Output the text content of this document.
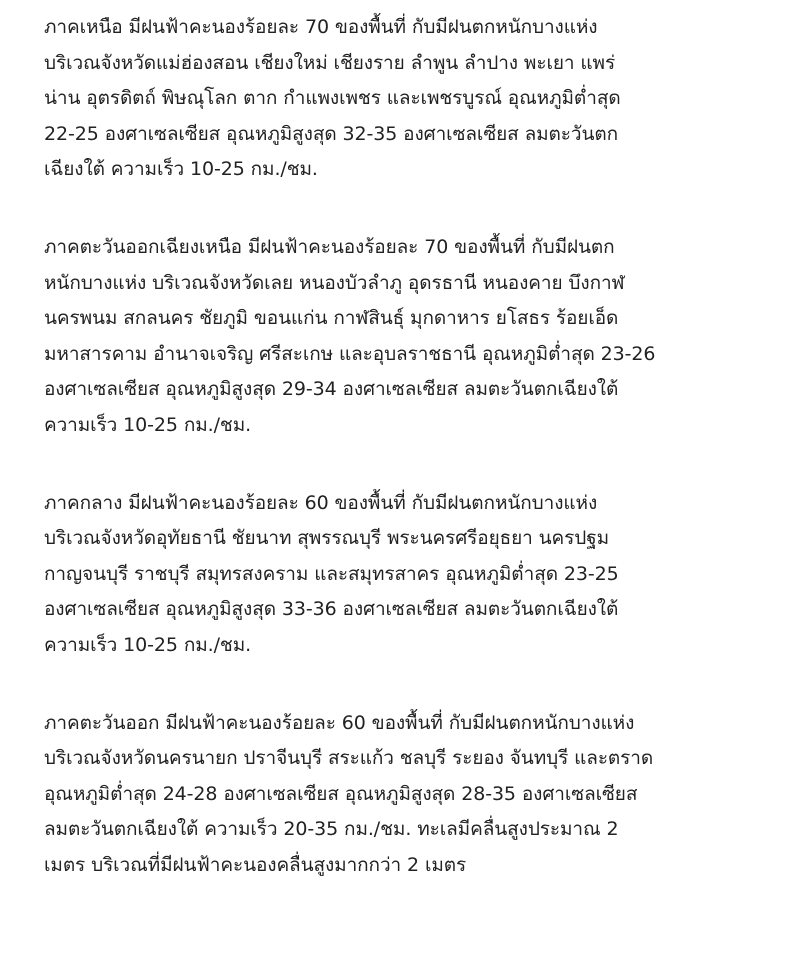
ภาคเหนือ มีฝนฟ้าคะนองร้อยละ 70 ของพื้นที่ กับมีฝนตกหนักบางแห่ง
บริเวณจังหวัดแม่ฮ่องสอน เชียงใหม่ เชียงราย ลำพูน ลำปาง พะเยา แพร่
น่าน อุตรดิตถ์ พิษณุโลก ตาก กำแพงเพชร และเพชรบูรณ์ อุณหภูมิต่ำสุด
22-25 องศาเซลเซียส อุณหภูมิสูงสุด 32-35 องศาเซลเซียส ลมตะวันตก
เฉียงใต้ ความเร็ว 10-25 กม./ชม.

ภาคตะวันออกเฉียงเหนือ มีฝนฟ้าคะนองร้อยละ 70 ของพื้นที่ กับมีฝนตก
หนักบางแห่ง บริเวณจังหวัดเลย หนองบัวลำภู อุดรธานี หนองคาย บึงกาฬ
นครพนม สกลนคร ชัยภูมิ ขอนแก่น กาฬสินธุ์ มุกดาหาร ยโสธร ร้อยเอ็ด
มหาสารคาม อำนาจเจริญ ศรีสะเกษ และอุบลราชธานี อุณหภูมิต่ำสุด 23-26
องศาเซลเซียส อุณหภูมิสูงสุด 29-34 องศาเซลเซียส ลมตะวันตกเฉียงใต้
ความเร็ว 10-25 กม./ชม.

ภาคกลาง มีฝนฟ้าคะนองร้อยละ 60 ของพื้นที่ กับมีฝนตกหนักบางแห่ง
บริเวณจังหวัดอุทัยธานี ชัยนาท สุพรรณบุรี พระนครศรีอยุธยา นครปฐม
กาญจนบุรี ราชบุรี สมุทรสงคราม และสมุทรสาคร อุณหภูมิต่ำสุด 23-25
องศาเซลเซียส อุณหภูมิสูงสุด 33-36 องศาเซลเซียส ลมตะวันตกเฉียงใต้
ความเร็ว 10-25 กม./ชม.

ภาคตะวันออก มีฝนฟ้าคะนองร้อยละ 60 ของพื้นที่ กับมีฝนตกหนักบางแห่ง
บริเวณจังหวัดนครนายก ปราจีนบุรี สระแก้ว ชลบุรี ระยอง จันทบุรี และตราด
อุณหภูมิต่ำสุด 24-28 องศาเซลเซียส อุณหภูมิสูงสุด 28-35 องศาเซลเซียส
ลมตะวันตกเฉียงใต้ ความเร็ว 20-35 กม./ชม. ทะเลมีคลื่นสูงประมาณ 2
เมตร บริเวณที่มีฝนฟ้าคะนองคลื่นสูงมากกว่า 2 เมตร
